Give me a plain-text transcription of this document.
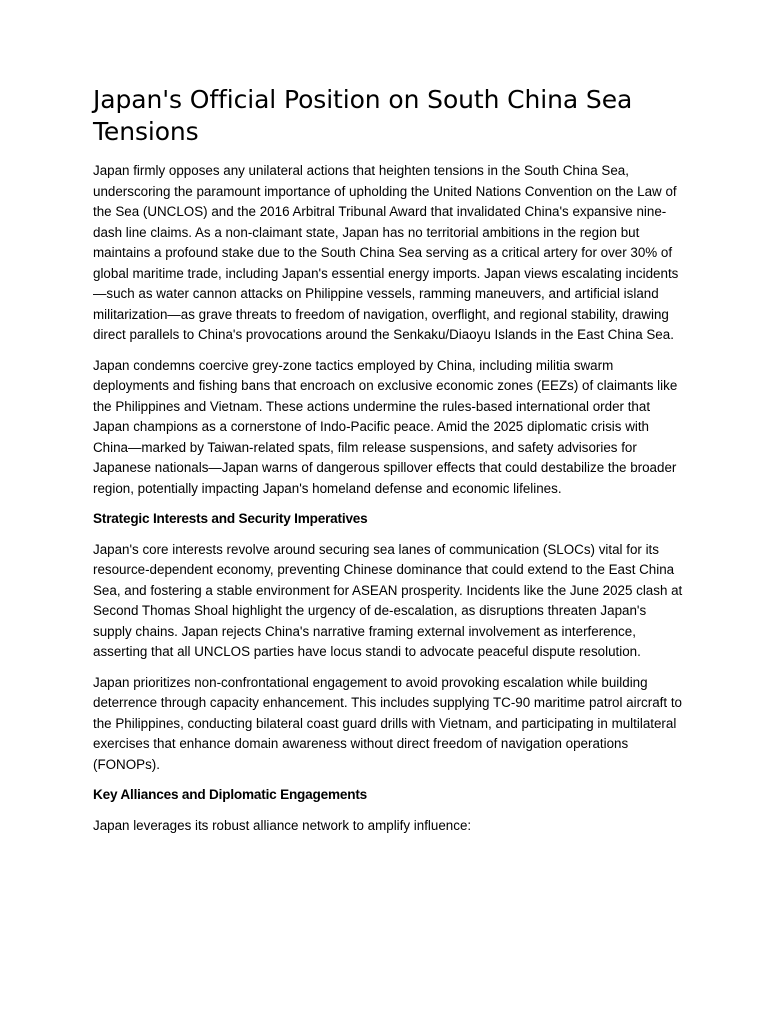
Japan's Official Position on South China Sea Tensions

Japan firmly opposes any unilateral actions that heighten tensions in the South China Sea, underscoring the paramount importance of upholding the United Nations Convention on the Law of the Sea (UNCLOS) and the 2016 Arbitral Tribunal Award that invalidated China's expansive nine-dash line claims. As a non-claimant state, Japan has no territorial ambitions in the region but maintains a profound stake due to the South China Sea serving as a critical artery for over 30% of global maritime trade, including Japan's essential energy imports. Japan views escalating incidents—such as water cannon attacks on Philippine vessels, ramming maneuvers, and artificial island militarization—as grave threats to freedom of navigation, overflight, and regional stability, drawing direct parallels to China's provocations around the Senkaku/Diaoyu Islands in the East China Sea.

Japan condemns coercive grey-zone tactics employed by China, including militia swarm deployments and fishing bans that encroach on exclusive economic zones (EEZs) of claimants like the Philippines and Vietnam. These actions undermine the rules-based international order that Japan champions as a cornerstone of Indo-Pacific peace. Amid the 2025 diplomatic crisis with China—marked by Taiwan-related spats, film release suspensions, and safety advisories for Japanese nationals—Japan warns of dangerous spillover effects that could destabilize the broader region, potentially impacting Japan's homeland defense and economic lifelines.

Strategic Interests and Security Imperatives

Japan's core interests revolve around securing sea lanes of communication (SLOCs) vital for its resource-dependent economy, preventing Chinese dominance that could extend to the East China Sea, and fostering a stable environment for ASEAN prosperity. Incidents like the June 2025 clash at Second Thomas Shoal highlight the urgency of de-escalation, as disruptions threaten Japan's supply chains. Japan rejects China's narrative framing external involvement as interference, asserting that all UNCLOS parties have locus standi to advocate peaceful dispute resolution.

Japan prioritizes non-confrontational engagement to avoid provoking escalation while building deterrence through capacity enhancement. This includes supplying TC-90 maritime patrol aircraft to the Philippines, conducting bilateral coast guard drills with Vietnam, and participating in multilateral exercises that enhance domain awareness without direct freedom of navigation operations (FONOPs).

Key Alliances and Diplomatic Engagements

Japan leverages its robust alliance network to amplify influence:
